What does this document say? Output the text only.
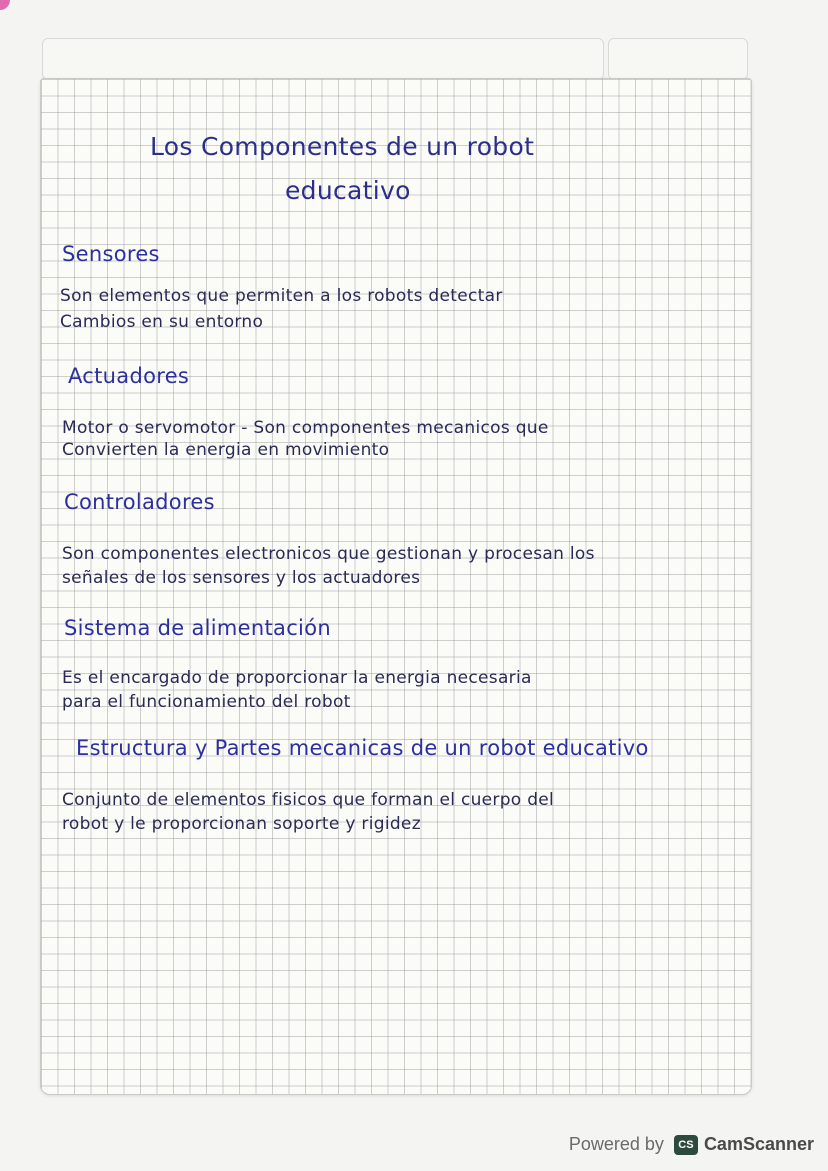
Los Componentes de un robot
educativo
Sensores
Son elementos que permiten a los robots detectar
Cambios en su entorno
Actuadores
Motor o servomotor - Son componentes mecanicos que
Convierten la energia en movimiento
Controladores
Son componentes electronicos que gestionan y procesan los
señales de los sensores y los actuadores
Sistema de alimentación
Es el encargado de proporcionar la energia necesaria
para el funcionamiento del robot
Estructura y Partes mecanicas de un robot educativo
Conjunto de elementos fisicos que forman el cuerpo del
robot y le proporcionan soporte y rigidez
Powered by	CS CamScanner
